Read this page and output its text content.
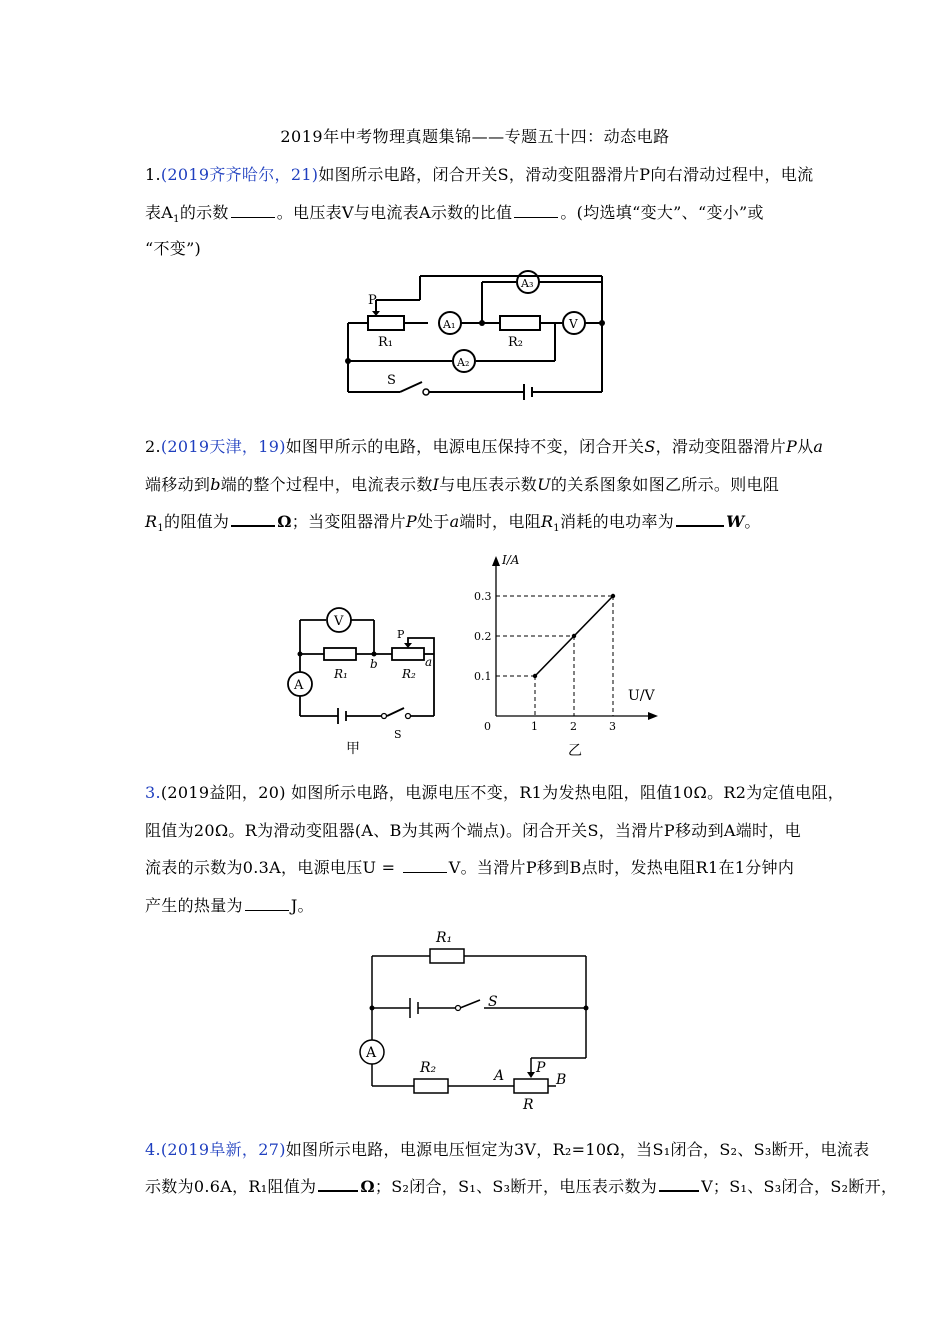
2019年中考物理真题集锦——专题五十四：动态电路
1.(2019齐齐哈尔，21)如图所示电路，闭合开关S，滑动变阻器滑片P向右滑动过程中，电流
表$A_1$的示数	。电压表V与电流表A示数的比值	。(均选填“变大”、“变小”或
“不变”)
P
R₁
A₁
R₂
V
A₃
A₂
S
2.(2019天津，19)如图甲所示的电路，电源电压保持不变，闭合开关S，滑动变阻器滑片P从a
端移动到b端的整个过程中，电流表示数I与电压表示数U的关系图象如图乙所示。则电阻
$R_1$的阻值为	Ω；当变阻器滑片P处于a端时，电阻$R_1$消耗的电功率为	W。
V
A
P
R₁
b
R₂
a
S
甲
1	2	3
0.1
0.2
0.3
I/A
U/V
0
乙
3.(2019益阳，20) 如图所示电路，电源电压不变，R1为发热电阻，阻值10Ω。R2为定值电阻，
阻值为20Ω。R为滑动变阻器(A、B为其两个端点)。闭合开关S，当滑片P移动到A端时，电
流表的示数为0.3A，电源电压U =	V。当滑片P移到B点时，发热电阻R1在1分钟内
产生的热量为	J。
R₁
S
A
R₂	A P
B
R
4.(2019阜新，27)如图所示电路，电源电压恒定为3V，R₂=10Ω，当S₁闭合，S₂、S₃断开，电流表
示数为0.6A，R₁阻值为	Ω；S₂闭合，S₁、S₃断开，电压表示数为	V；S₁、S₃闭合，S₂断开，
